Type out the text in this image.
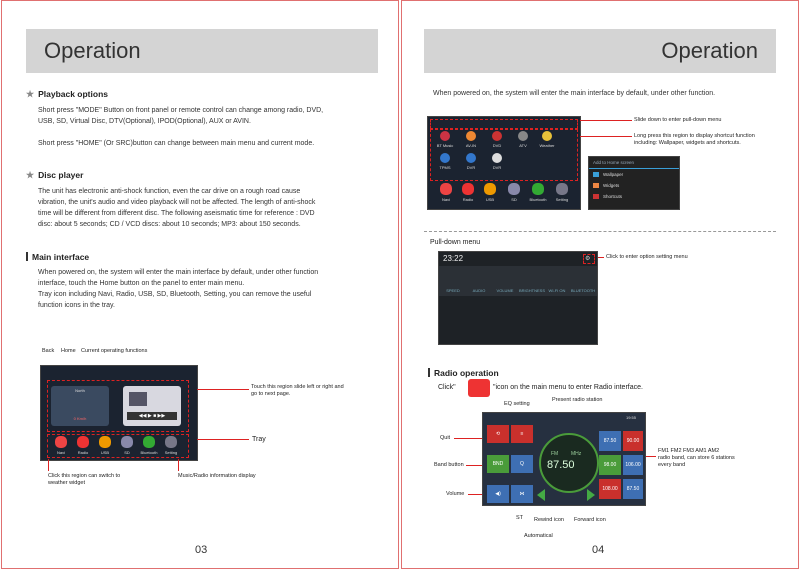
Operation
★ Playback options
Short press "MODE" Button on front panel or remote control can change among radio, DVD,
USB, SD, Virtual Disc, DTV(Optional), IPOD(Optional), AUX or AVIN.
Short press "HOME" (Or SRC)button can change between main menu and current mode.
★ Disc player
The unit has electronic anti-shock function, even the car drive on a rough road cause
vibration, the unit's audio and video playback will not be affected. The length of anti-shock
time will be different from different disc. The following aseismatic time for reference : DVD
disc: about 5 seconds; CD / VCD discs: about 10 seconds; MP3: about 150 seconds.
Main interface
When powered on, the system will enter the main interface by default, under other function
interface, touch the Home button on the panel to enter main menu.
Tray icon including Navi, Radio, USB, SD, Bluetooth, Setting, you can remove the useful
function icons in the tray.
Back Home Current operating functions
North
0 Km/h	◀◀ ▶ ■ ▶▶
Navi	Radio	USB	SD	Bluetooth	Setting
Touch this region slide left or right and
go to next page.
Tray
Click this region can switch to
weather widget
Music/Radio information display
03
Operation
When powered on, the system will enter the main interface by default, under other function.
BT Music	AV-IN	DVD	ATV	Weather
TPMS	DVR	DVR
Navi	Radio	USB	SD	Bluetooth	Setting
Slide down to enter pull-down menu
Long press this region to display shortcut function
including: Wallpaper, widgets and shortcuts.
Add to Home screen
Wallpaper
Widgets
Shortcuts
Pull-down menu
23:22	⚙
SPEED	AUDIO	VOLUME	BRIGHTNESS WI-FI ON	BLUETOOTH
Click to enter option setting menu
Radio operation
Click"	"icon on the main menu to enter Radio interface.
EQ setting
Present radio station
19:55
⟲	≡
BND	Q
◀)	⋈
FM	MHz
87.50
87.50	90.00
98.00	106.00
108.00	87.50
Quit
Band button
Volume
FM1 FM2 FM3 AM1 AM2
radio band, can store 6 stations
every band
ST Rewind icon Forward icon
Automatical
04
